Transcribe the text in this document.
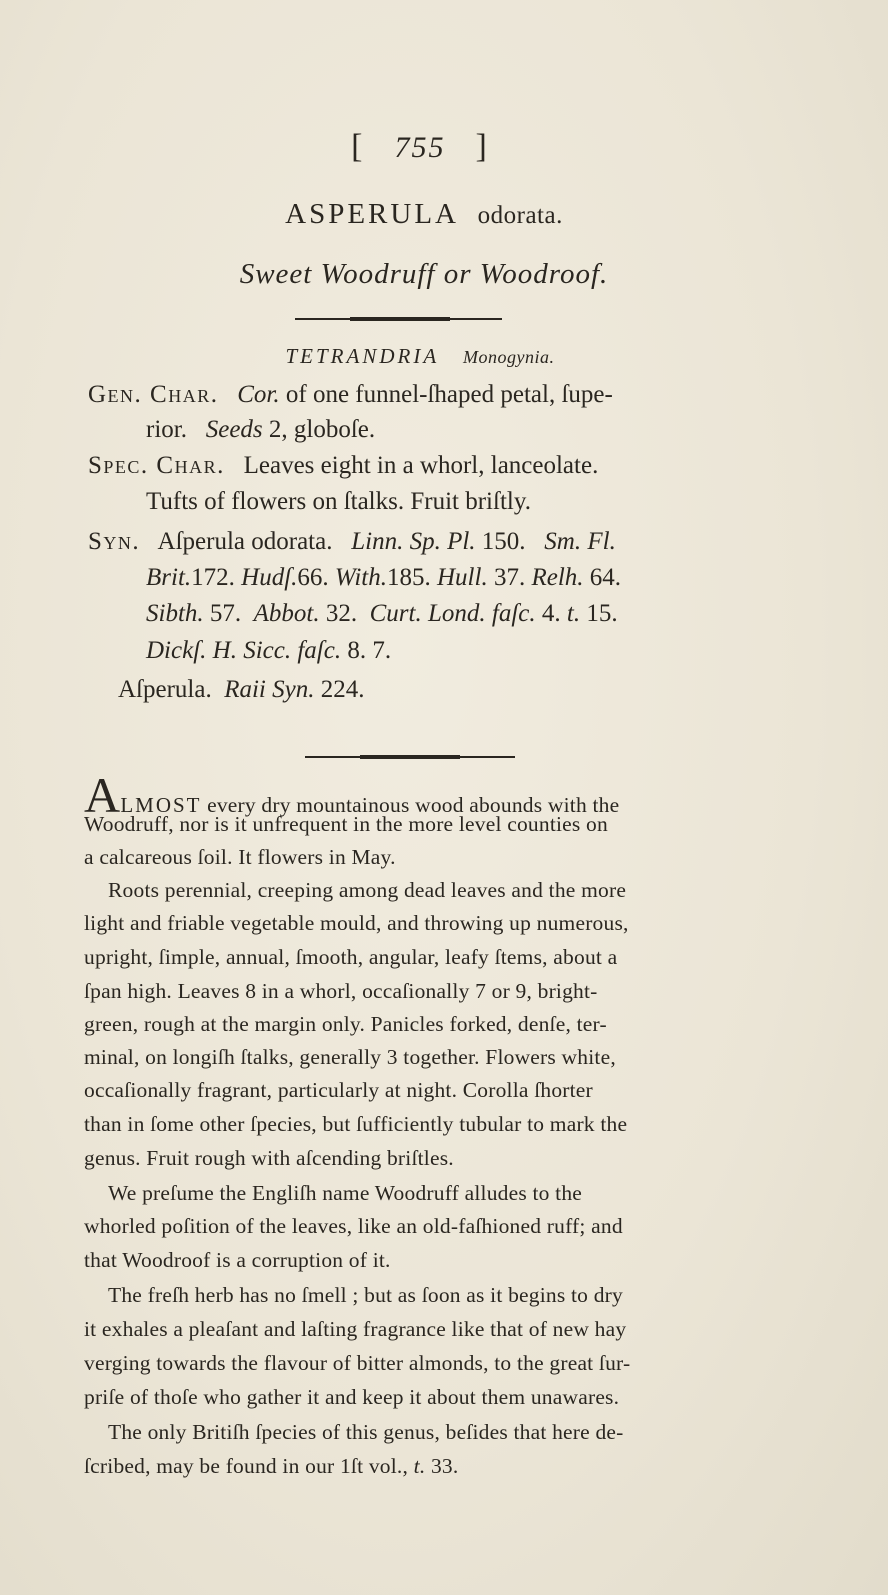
[ 755 ]
ASPERULA odorata.
Sweet Woodruff or Woodroof.
TETRANDRIA Monogynia.
Gen. Char. Cor. of one funnel-ſhaped petal, ſupe-
rior. Seeds 2, globoſe.
Spec. Char. Leaves eight in a whorl, lanceolate.
Tufts of flowers on ſtalks. Fruit briſtly.
Syn. Aſperula odorata. Linn. Sp. Pl. 150. Sm. Fl.
Brit.172. Hudſ.66. With.185. Hull. 37. Relh. 64.
Sibth. 57. Abbot. 32. Curt. Lond. faſc. 4. t. 15.
Dickſ. H. Sicc. faſc. 8. 7.
Aſperula. Raii Syn. 224.
ALMOST every dry mountainous wood abounds with the
Woodruff, nor is it unfrequent in the more level counties on
a calcareous ſoil. It flowers in May.
Roots perennial, creeping among dead leaves and the more
light and friable vegetable mould, and throwing up numerous,
upright, ſimple, annual, ſmooth, angular, leafy ſtems, about a
ſpan high. Leaves 8 in a whorl, occaſionally 7 or 9, bright-
green, rough at the margin only. Panicles forked, denſe, ter-
minal, on longiſh ſtalks, generally 3 together. Flowers white,
occaſionally fragrant, particularly at night. Corolla ſhorter
than in ſome other ſpecies, but ſufficiently tubular to mark the
genus. Fruit rough with aſcending briſtles.
We preſume the Engliſh name Woodruff alludes to the
whorled poſition of the leaves, like an old-faſhioned ruff; and
that Woodroof is a corruption of it.
The freſh herb has no ſmell ; but as ſoon as it begins to dry
it exhales a pleaſant and laſting fragrance like that of new hay
verging towards the flavour of bitter almonds, to the great ſur-
priſe of thoſe who gather it and keep it about them unawares.
The only Britiſh ſpecies of this genus, beſides that here de-
ſcribed, may be found in our 1ſt vol., t. 33.
